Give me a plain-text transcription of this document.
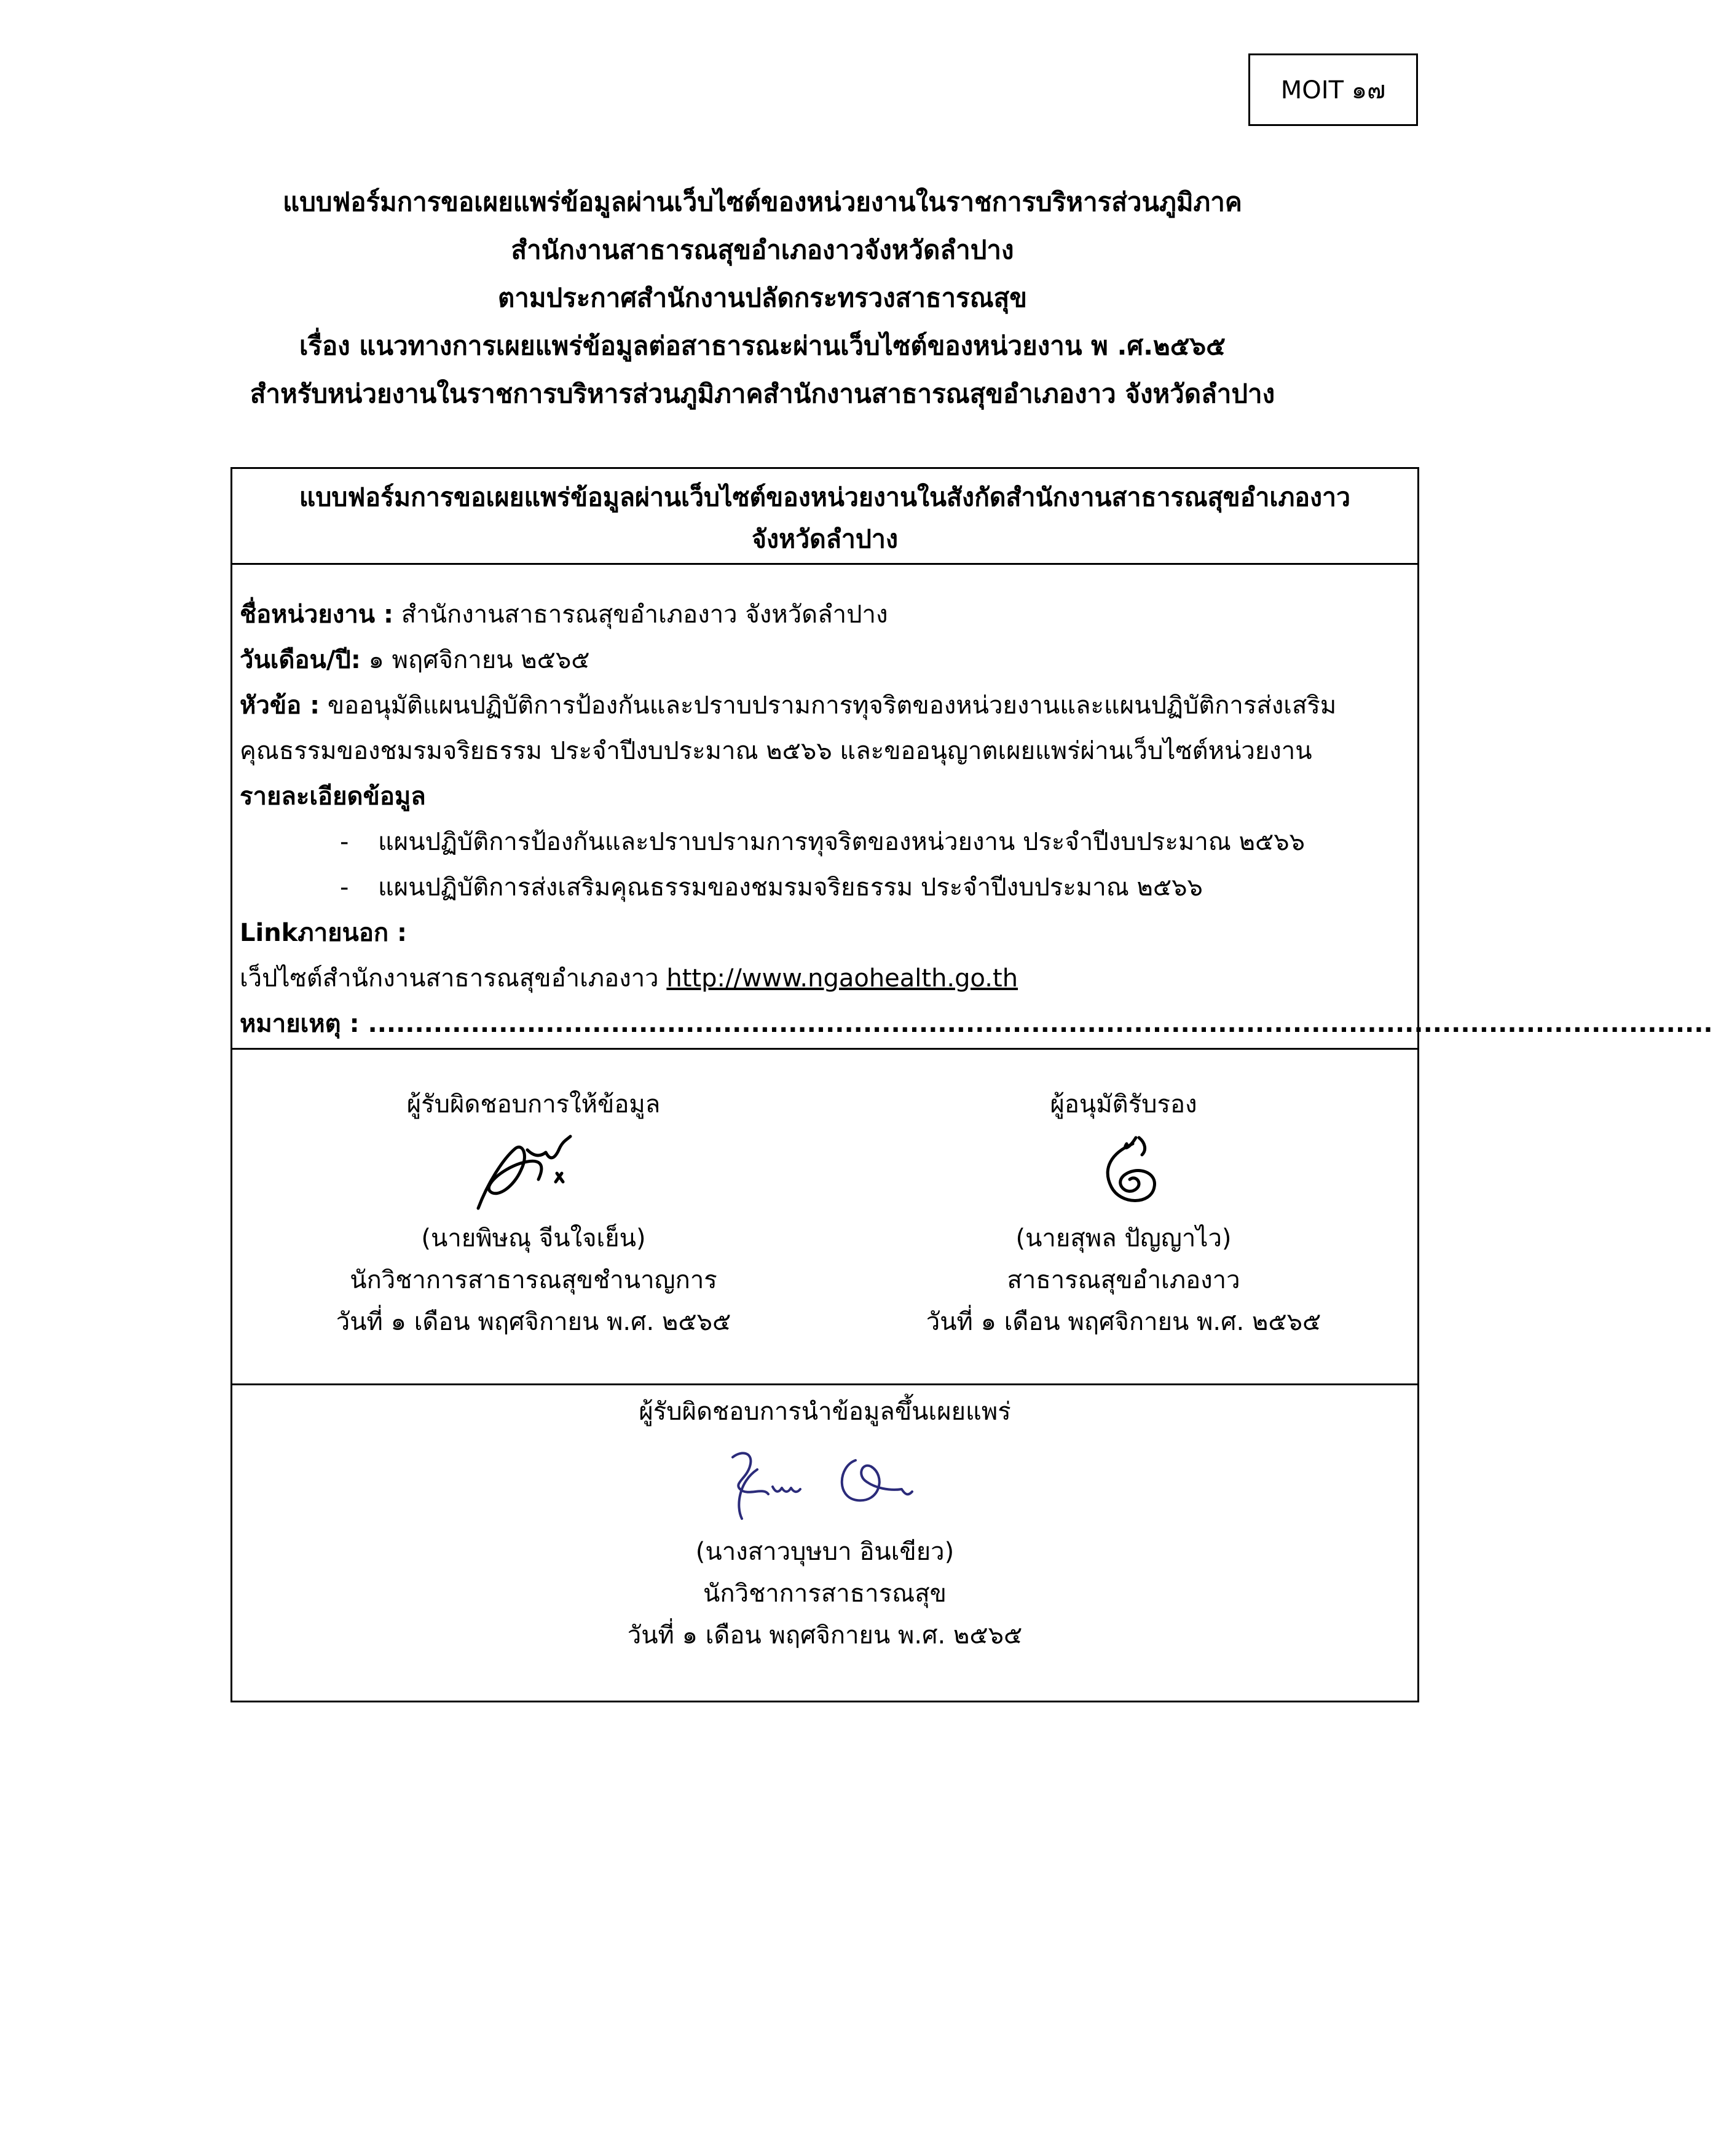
MOIT ๑๗
แบบฟอร์มการขอเผยแพร่ข้อมูลผ่านเว็บไซต์ของหน่วยงานในราชการบริหารส่วนภูมิภาค
สำนักงานสาธารณสุขอำเภองาวจังหวัดลำปาง
ตามประกาศสำนักงานปลัดกระทรวงสาธารณสุข
เรื่อง แนวทางการเผยแพร่ข้อมูลต่อสาธารณะผ่านเว็บไซต์ของหน่วยงาน พ .ศ.๒๕๖๕
สำหรับหน่วยงานในราชการบริหารส่วนภูมิภาคสำนักงานสาธารณสุขอำเภองาว จังหวัดลำปาง
แบบฟอร์มการขอเผยแพร่ข้อมูลผ่านเว็บไซต์ของหน่วยงานในสังกัดสำนักงานสาธารณสุขอำเภองาว
จังหวัดลำปาง
ชื่อหน่วยงาน : สำนักงานสาธารณสุขอำเภองาว จังหวัดลำปาง
วันเดือน/ปี: ๑ พฤศจิกายน ๒๕๖๕
หัวข้อ : ขออนุมัติแผนปฏิบัติการป้องกันและปราบปรามการทุจริตของหน่วยงานและแผนปฏิบัติการส่งเสริม
คุณธรรมของชมรมจริยธรรม ประจำปีงบประมาณ ๒๕๖๖ และขออนุญาตเผยแพร่ผ่านเว็บไซต์หน่วยงาน
รายละเอียดข้อมูล
- แผนปฏิบัติการป้องกันและปราบปรามการทุจริตของหน่วยงาน ประจำปีงบประมาณ ๒๕๖๖
- แผนปฏิบัติการส่งเสริมคุณธรรมของชมรมจริยธรรม ประจำปีงบประมาณ ๒๕๖๖
Linkภายนอก :
เว็ปไซต์สำนักงานสาธารณสุขอำเภองาว http://www.ngaohealth.go.th
หมายเหตุ : ................................................................................................................................................
ผู้รับผิดชอบการให้ข้อมูล
(นายพิษณุ จีนใจเย็น)
นักวิชาการสาธารณสุขชำนาญการ
วันที่ ๑ เดือน พฤศจิกายน พ.ศ. ๒๕๖๕
ผู้อนุมัติรับรอง
(นายสุพล ปัญญาไว)
สาธารณสุขอำเภองาว
วันที่ ๑ เดือน พฤศจิกายน พ.ศ. ๒๕๖๕
ผู้รับผิดชอบการนำข้อมูลขึ้นเผยแพร่
(นางสาวบุษบา อินเขียว)
นักวิชาการสาธารณสุข
วันที่ ๑ เดือน พฤศจิกายน พ.ศ. ๒๕๖๕
